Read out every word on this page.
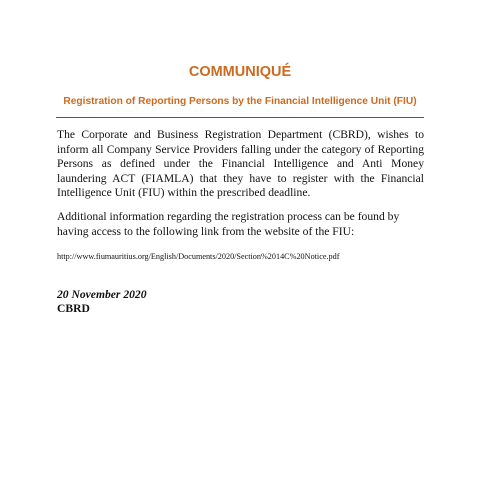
COMMUNIQUÉ
Registration of Reporting Persons by the Financial Intelligence Unit (FIU)

The Corporate and Business Registration Department (CBRD), wishes to inform all Company Service Providers falling under the category of Reporting Persons as defined under the Financial Intelligence and Anti Money laundering ACT (FIAMLA) that they have to register with the Financial Intelligence Unit (FIU) within the prescribed deadline.

Additional information regarding the registration process can be found by having access to the following link from the website of the FIU:

http://www.fiumauritius.org/English/Documents/2020/Section%2014C%20Notice.pdf
20 November 2020
CBRD
